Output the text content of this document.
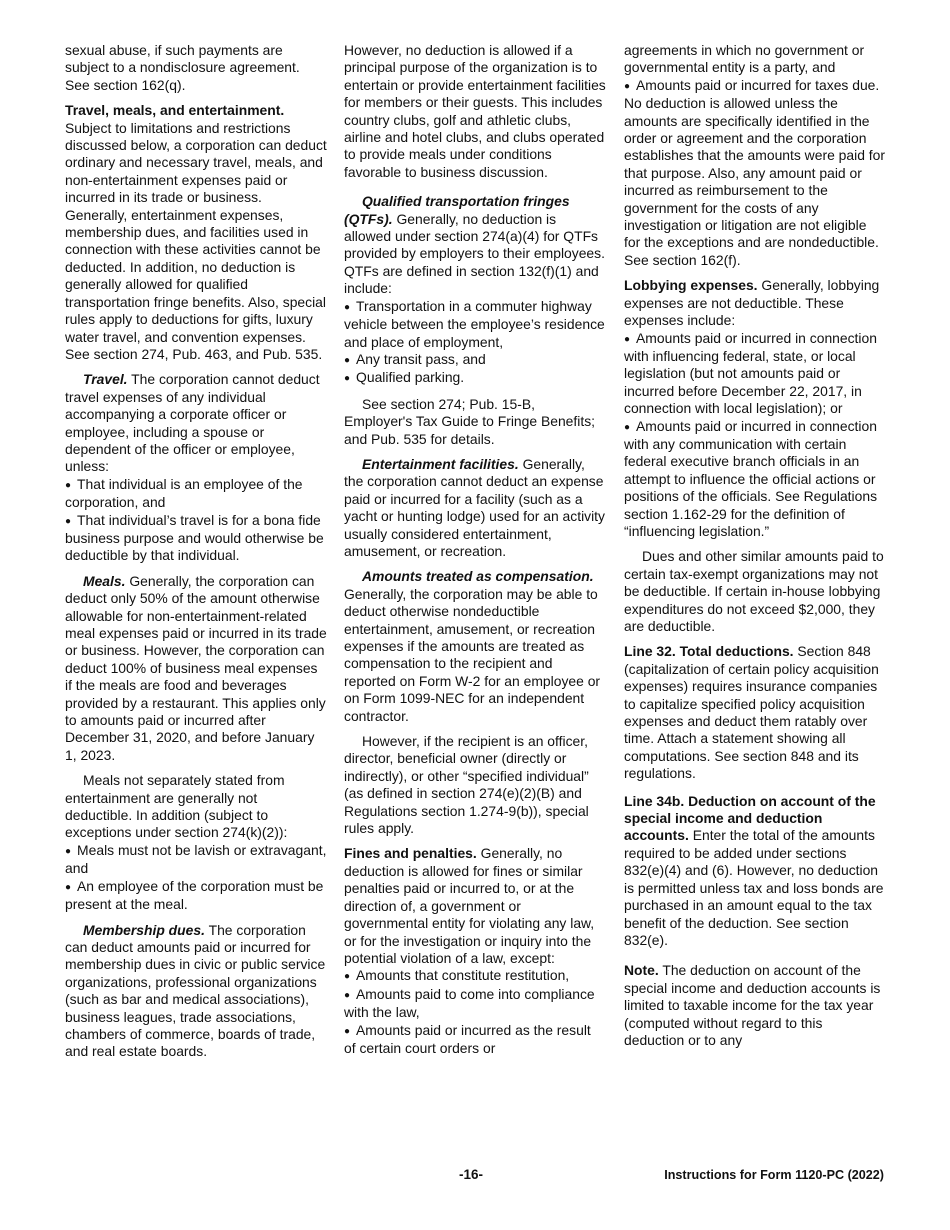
sexual abuse, if such payments are subject to a nondisclosure agreement. See section 162(q).

Travel, meals, and entertainment. Subject to limitations and restrictions discussed below, a corporation can deduct ordinary and necessary travel, meals, and non-entertainment expenses paid or incurred in its trade or business. Generally, entertainment expenses, membership dues, and facilities used in connection with these activities cannot be deducted. In addition, no deduction is generally allowed for qualified transportation fringe benefits. Also, special rules apply to deductions for gifts, luxury water travel, and convention expenses. See section 274, Pub. 463, and Pub. 535.

Travel. The corporation cannot deduct travel expenses of any individual accompanying a corporate officer or employee, including a spouse or dependent of the officer or employee, unless:

● That individual is an employee of the corporation, and
● That individual’s travel is for a bona fide business purpose and would otherwise be deductible by that individual.

Meals. Generally, the corporation can deduct only 50% of the amount otherwise allowable for non-entertainment-related meal expenses paid or incurred in its trade or business. However, the corporation can deduct 100% of business meal expenses if the meals are food and beverages provided by a restaurant. This applies only to amounts paid or incurred after December 31, 2020, and before January 1, 2023.

Meals not separately stated from entertainment are generally not deductible. In addition (subject to exceptions under section 274(k)(2)):

● Meals must not be lavish or extravagant, and
● An employee of the corporation must be present at the meal.

Membership dues. The corporation can deduct amounts paid or incurred for membership dues in civic or public service organizations, professional organizations (such as bar and medical associations), business leagues, trade associations, chambers of commerce, boards of trade, and real estate boards.

However, no deduction is allowed if a principal purpose of the organization is to entertain or provide entertainment facilities for members or their guests. This includes country clubs, golf and athletic clubs, airline and hotel clubs, and clubs operated to provide meals under conditions favorable to business discussion.

Qualified transportation fringes (QTFs). Generally, no deduction is allowed under section 274(a)(4) for QTFs provided by employers to their employees. QTFs are defined in section 132(f)(1) and include:

● Transportation in a commuter highway vehicle between the employee’s residence and place of employment,
● Any transit pass, and
● Qualified parking.

See section 274; Pub. 15-B, Employer's Tax Guide to Fringe Benefits; and Pub. 535 for details.

Entertainment facilities. Generally, the corporation cannot deduct an expense paid or incurred for a facility (such as a yacht or hunting lodge) used for an activity usually considered entertainment, amusement, or recreation.

Amounts treated as compensation. Generally, the corporation may be able to deduct otherwise nondeductible entertainment, amusement, or recreation expenses if the amounts are treated as compensation to the recipient and reported on Form W-2 for an employee or on Form 1099-NEC for an independent contractor.

However, if the recipient is an officer, director, beneficial owner (directly or indirectly), or other “specified individual” (as defined in section 274(e)(2)(B) and Regulations section 1.274-9(b)), special rules apply.

Fines and penalties. Generally, no deduction is allowed for fines or similar penalties paid or incurred to, or at the direction of, a government or governmental entity for violating any law, or for the investigation or inquiry into the potential violation of a law, except:

● Amounts that constitute restitution,
● Amounts paid to come into compliance with the law,
● Amounts paid or incurred as the result of certain court orders or

agreements in which no government or governmental entity is a party, and

● Amounts paid or incurred for taxes due. No deduction is allowed unless the amounts are specifically identified in the order or agreement and the corporation establishes that the amounts were paid for that purpose. Also, any amount paid or incurred as reimbursement to the government for the costs of any investigation or litigation are not eligible for the exceptions and are nondeductible. See section 162(f).

Lobbying expenses. Generally, lobbying expenses are not deductible. These expenses include:

● Amounts paid or incurred in connection with influencing federal, state, or local legislation (but not amounts paid or incurred before December 22, 2017, in connection with local legislation); or
● Amounts paid or incurred in connection with any communication with certain federal executive branch officials in an attempt to influence the official actions or positions of the officials. See Regulations section 1.162-29 for the definition of “influencing legislation.”

Dues and other similar amounts paid to certain tax-exempt organizations may not be deductible. If certain in-house lobbying expenditures do not exceed $2,000, they are deductible.

Line 32. Total deductions. Section 848 (capitalization of certain policy acquisition expenses) requires insurance companies to capitalize specified policy acquisition expenses and deduct them ratably over time. Attach a statement showing all computations. See section 848 and its regulations.

Line 34b. Deduction on account of the special income and deduction accounts. Enter the total of the amounts required to be added under sections 832(e)(4) and (6). However, no deduction is permitted unless tax and loss bonds are purchased in an amount equal to the tax benefit of the deduction. See section 832(e).

Note. The deduction on account of the special income and deduction accounts is limited to taxable income for the tax year (computed without regard to this deduction or to any

-16-	Instructions for Form 1120-PC (2022)
